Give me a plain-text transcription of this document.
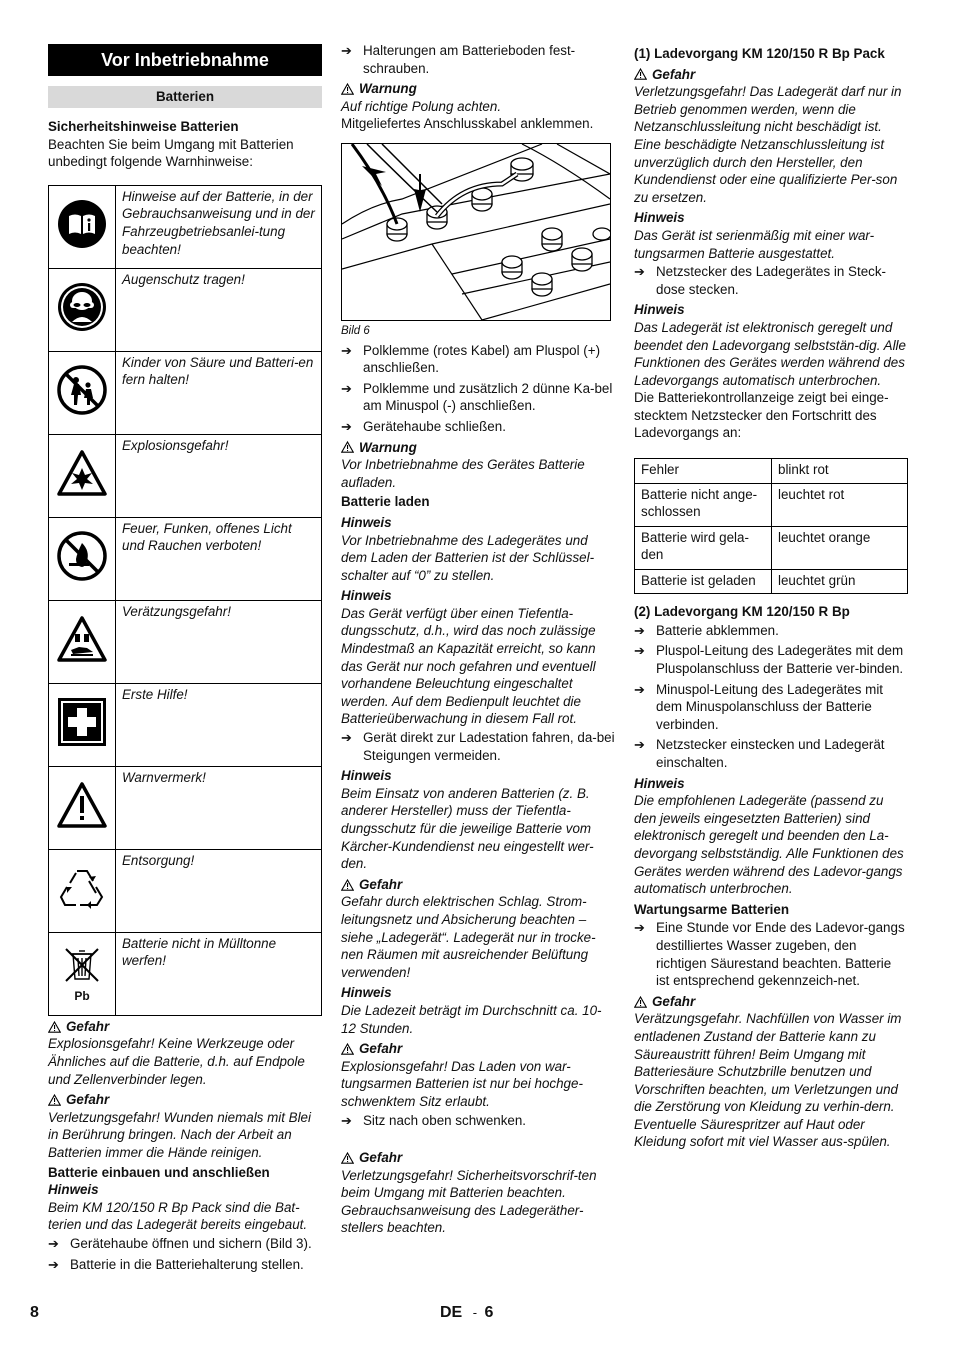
Vor Inbetriebnahme
Batterien

Sicherheitshinweise Batterien

Beachten Sie beim Umgang mit Batterien unbedingt folgende Warnhinweise:

	Hinweise auf der Batterie, in der Gebrauchsanweisung und in der Fahrzeugbetriebsanlei-tung beachten!
	Augenschutz tragen!
	Kinder von Säure und Batteri-en fern halten!
	Explosionsgefahr!
	Feuer, Funken, offenes Licht und Rauchen verboten!
	Verätzungsgefahr!
	Erste Hilfe!
	Warnvermerk!
	Entsorgung!

Pb	Batterie nicht in Mülltonne werfen!
Gefahr

Explosionsgefahr! Keine Werkzeuge oder Ähnliches auf die Batterie, d.h. auf Endpole und Zellenverbinder legen.

Gefahr

Verletzungsgefahr! Wunden niemals mit Blei in Berührung bringen. Nach der Arbeit an Batterien immer die Hände reinigen.

Batterie einbauen und anschließen

Hinweis

Beim KM 120/150 R Bp Pack sind die Bat-terien und das Ladegerät bereits eingebaut.

➔ Gerätehaube öffnen und sichern (Bild 3).
➔ Batterie in die Batteriehalterung stellen.
➔ Halterungen am Batterieboden fest-schrauben.
Warnung

Auf richtige Polung achten.

Mitgeliefertes Anschlusskabel anklemmen.

Bild 6

➔ Polklemme (rotes Kabel) am Pluspol (+) anschließen.
➔ Polklemme und zusätzlich 2 dünne Ka-bel am Minuspol (-) anschließen.
➔ Gerätehaube schließen.
Warnung

Vor Inbetriebnahme des Gerätes Batterie aufladen.

Batterie laden

Hinweis

Vor Inbetriebnahme des Ladegerätes und dem Laden der Batterien ist der Schlüssel-schalter auf “0” zu stellen.

Hinweis

Das Gerät verfügt über einen Tiefentla-dungsschutz, d.h., wird das noch zulässige Mindestmaß an Kapazität erreicht, so kann das Gerät nur noch gefahren und eventuell vorhandene Beleuchtung eingeschaltet werden. Auf dem Bedienpult leuchtet die Batterieüberwachung in diesem Fall rot.

➔ Gerät direkt zur Ladestation fahren, da-bei Steigungen vermeiden.

Hinweis

Beim Einsatz von anderen Batterien (z. B. anderer Hersteller) muss der Tiefentla-dungsschutz für die jeweilige Batterie vom Kärcher-Kundendienst neu eingestellt wer-den.

Gefahr

Gefahr durch elektrischen Schlag. Strom-leitungsnetz und Absicherung beachten – siehe „Ladegerät“. Ladegerät nur in trocke-nen Räumen mit ausreichender Belüftung verwenden!

Hinweis

Die Ladezeit beträgt im Durchschnitt ca. 10-12 Stunden.

Gefahr

Explosionsgefahr! Das Laden von war-tungsarmen Batterien ist nur bei hochge-schwenktem Sitz erlaubt.

➔ Sitz nach oben schwenken.
Gefahr

Verletzungsgefahr! Sicherheitsvorschrif-ten beim Umgang mit Batterien beachten. Gebrauchsanweisung des Ladegeräther-stellers beachten.

(1) Ladevorgang KM 120/150 R Bp Pack

Gefahr

Verletzungsgefahr! Das Ladegerät darf nur in Betrieb genommen werden, wenn die Netzanschlussleitung nicht beschädigt ist. Eine beschädigte Netzanschlussleitung ist unverzüglich durch den Hersteller, den Kundendienst oder eine qualifizierte Per-son zu ersetzen.

Hinweis

Das Gerät ist serienmäßig mit einer war-tungsarmen Batterie ausgestattet.

➔ Netzstecker des Ladegerätes in Steck-dose stecken.

Hinweis

Das Ladegerät ist elektronisch geregelt und beendet den Ladevorgang selbststän-dig. Alle Funktionen des Gerätes werden während des Ladevorgangs automatisch unterbrochen.

Die Batteriekontrollanzeige zeigt bei einge-stecktem Netzstecker den Fortschritt des Ladevorgangs an:

Fehler	blinkt rot
Batterie nicht ange-schlossen	leuchtet rot
Batterie wird gela-den	leuchtet orange
Batterie ist geladen	leuchtet grün

(2) Ladevorgang KM 120/150 R Bp

➔ Batterie abklemmen.
➔ Pluspol-Leitung des Ladegerätes mit dem Pluspolanschluss der Batterie ver-binden.
➔ Minuspol-Leitung des Ladegerätes mit dem Minuspolanschluss der Batterie verbinden.
➔ Netzstecker einstecken und Ladegerät einschalten.

Hinweis

Die empfohlenen Ladegeräte (passend zu den jeweils eingesetzten Batterien) sind elektronisch geregelt und beenden den La-devorgang selbstständig. Alle Funktionen des Gerätes werden während des Ladevor-gangs automatisch unterbrochen.

Wartungsarme Batterien

➔ Eine Stunde vor Ende des Ladevor-gangs destilliertes Wasser zugeben, den richtigen Säurestand beachten. Batterie ist entsprechend gekennzeich-net.
Gefahr

Verätzungsgefahr. Nachfüllen von Wasser im entladenen Zustand der Batterie kann zu Säureaustritt führen! Beim Umgang mit Batteriesäure Schutzbrille benutzen und Vorschriften beachten, um Verletzungen und die Zerstörung von Kleidung zu verhin-dern. Eventuelle Säurespritzer auf Haut oder Kleidung sofort mit viel Wasser aus-spülen.

8	DE - 6
